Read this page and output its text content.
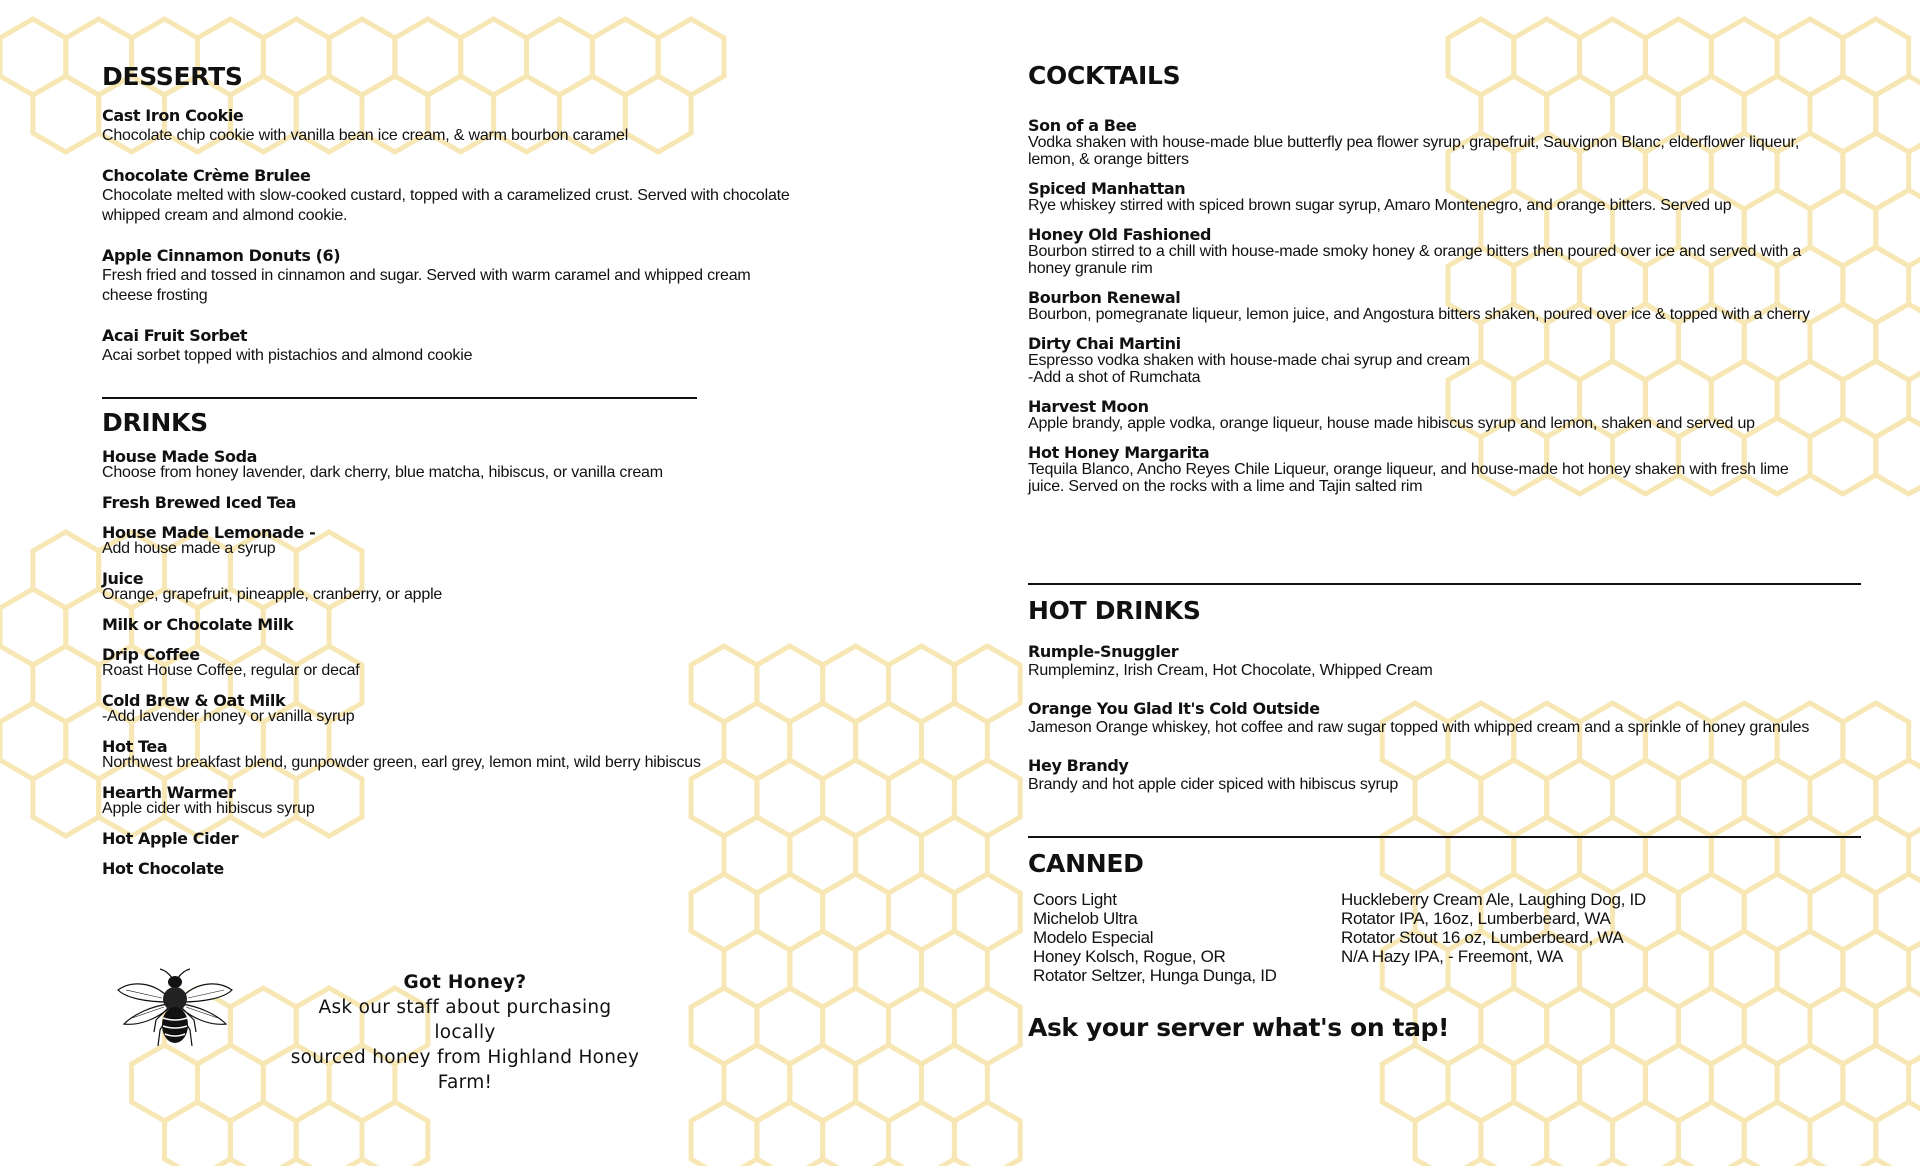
DESSERTS
Cast Iron Cookie
Chocolate chip cookie with vanilla bean ice cream, & warm bourbon caramel
Chocolate Crème Brulee
Chocolate melted with slow-cooked custard, topped with a caramelized crust. Served with chocolate whipped cream and almond cookie.
Apple Cinnamon Donuts (6)
Fresh fried and tossed in cinnamon and sugar. Served with warm caramel and whipped cream cheese frosting
Acai Fruit Sorbet
Acai sorbet topped with pistachios and almond cookie
DRINKS
House Made Soda
Choose from honey lavender, dark cherry, blue matcha, hibiscus, or vanilla cream
Fresh Brewed Iced Tea
House Made Lemonade -
Add house made a syrup
Juice
Orange, grapefruit, pineapple, cranberry, or apple
Milk or Chocolate Milk
Drip Coffee
Roast House Coffee, regular or decaf
Cold Brew & Oat Milk
-Add lavender honey or vanilla syrup
Hot Tea
Northwest breakfast blend, gunpowder green, earl grey, lemon mint, wild berry hibiscus
Hearth Warmer
Apple cider with hibiscus syrup
Hot Apple Cider
Hot Chocolate
Got Honey?
Ask our staff about purchasing locally
sourced honey from Highland Honey Farm!
COCKTAILS
Son of a Bee
Vodka shaken with house-made blue butterfly pea flower syrup, grapefruit, Sauvignon Blanc, elderflower liqueur, lemon, & orange bitters
Spiced Manhattan
Rye whiskey stirred with spiced brown sugar syrup, Amaro Montenegro, and orange bitters. Served up
Honey Old Fashioned
Bourbon stirred to a chill with house-made smoky honey & orange bitters then poured over ice and served with a honey granule rim
Bourbon Renewal
Bourbon, pomegranate liqueur, lemon juice, and Angostura bitters shaken, poured over ice & topped with a cherry
Dirty Chai Martini
Espresso vodka shaken with house-made chai syrup and cream
-Add a shot of Rumchata
Harvest Moon
Apple brandy, apple vodka, orange liqueur, house made hibiscus syrup and lemon, shaken and served up
Hot Honey Margarita
Tequila Blanco, Ancho Reyes Chile Liqueur, orange liqueur, and house-made hot honey shaken with fresh lime juice. Served on the rocks with a lime and Tajin salted rim
HOT DRINKS
Rumple-Snuggler
Rumpleminz, Irish Cream, Hot Chocolate, Whipped Cream
Orange You Glad It's Cold Outside
Jameson Orange whiskey, hot coffee and raw sugar topped with whipped cream and a sprinkle of honey granules
Hey Brandy
Brandy and hot apple cider spiced with hibiscus syrup
CANNED
Coors Light
Michelob Ultra
Modelo Especial
Honey Kolsch, Rogue, OR
Rotator Seltzer, Hunga Dunga, ID
Huckleberry Cream Ale, Laughing Dog, ID
Rotator IPA, 16oz, Lumberbeard, WA
Rotator Stout 16 oz, Lumberbeard, WA
N/A Hazy IPA, - Freemont, WA

Ask your server what's on tap!
